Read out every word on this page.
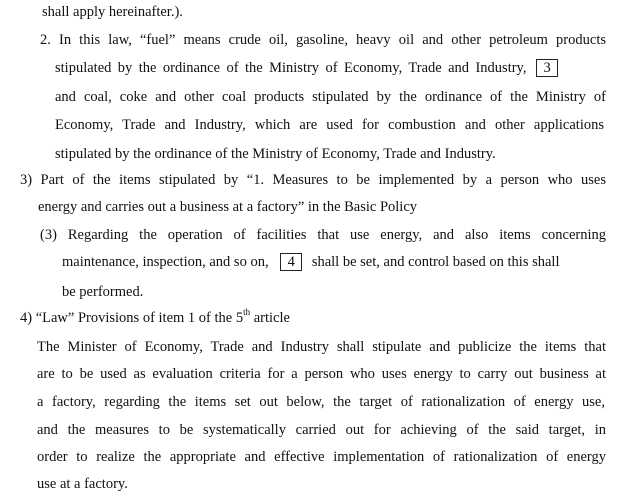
shall apply hereinafter.).
2. In this law, “fuel” means crude oil, gasoline, heavy oil and other petroleum products
stipulated by the ordinance of the Ministry of Economy, Trade and Industry, 3
and coal, coke and other coal products stipulated by the ordinance of the Ministry of
Economy, Trade and Industry, which are used for combustion and other applications
stipulated by the ordinance of the Ministry of Economy, Trade and Industry.
3) Part of the items stipulated by “1. Measures to be implemented by a person who uses
energy and carries out a business at a factory” in the Basic Policy
(3) Regarding the operation of facilities that use energy, and also items concerning
maintenance, inspection, and so on, 4 shall be set, and control based on this shall
be performed.
4) “Law” Provisions of item 1 of the 5th article
The Minister of Economy, Trade and Industry shall stipulate and publicize the items that
are to be used as evaluation criteria for a person who uses energy to carry out business at
a factory, regarding the items set out below, the target of rationalization of energy use,
and the measures to be systematically carried out for achieving of the said target, in
order to realize the appropriate and effective implementation of rationalization of energy
use at a factory.
